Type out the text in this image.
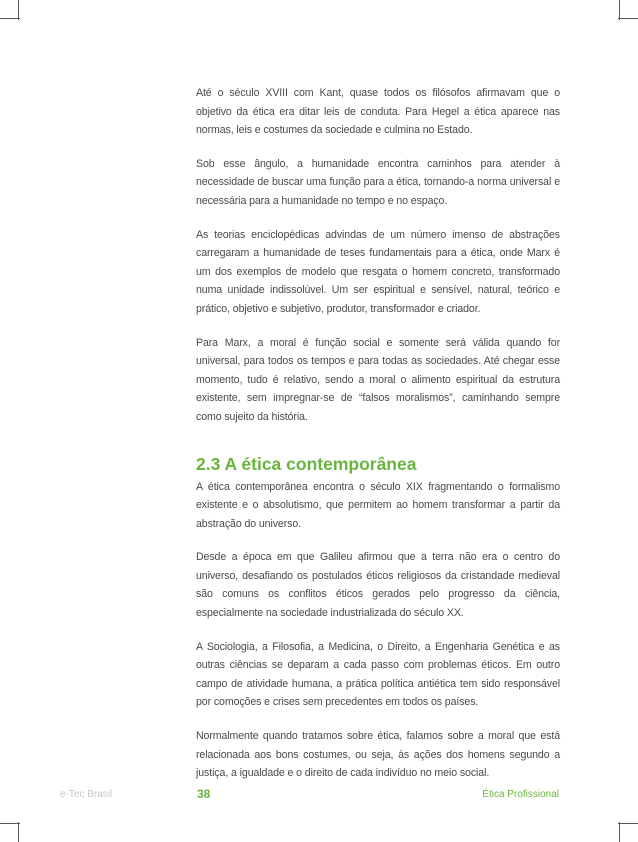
Até o século XVIII com Kant, quase todos os filósofos afirmavam que o objetivo da ética era ditar leis de conduta. Para Hegel a ética aparece nas normas, leis e costumes da sociedade e culmina no Estado.

Sob esse ângulo, a humanidade encontra caminhos para atender à necessidade de buscar uma função para a ética, tornando-a norma universal e necessária para a humanidade no tempo e no espaço.

As teorias enciclopédicas advindas de um número imenso de abstrações carregaram a humanidade de teses fundamentais para a ética, onde Marx é um dos exemplos de modelo que resgata o homem concreto, transformado numa unidade indissolúvel. Um ser espiritual e sensível, natural, teórico e prático, objetivo e subjetivo, produtor, transformador e criador.

Para Marx, a moral é função social e somente será válida quando for universal, para todos os tempos e para todas as sociedades. Até chegar esse momento, tudo é relativo, sendo a moral o alimento espiritual da estrutura existente, sem impregnar-se de “falsos moralismos”, caminhando sempre como sujeito da história.

2.3 A ética contemporânea

A ética contemporânea encontra o século XIX fragmentando o formalismo existente e o absolutismo, que permitem ao homem transformar a partir da abstração do universo.

Desde a época em que Galileu afirmou que a terra não era o centro do universo, desafiando os postulados éticos religiosos da cristandade medieval são comuns os conflitos éticos gerados pelo progresso da ciência, especialmente na sociedade industrializada do século XX.

A Sociologia, a Filosofia, a Medicina, o Direito, a Engenharia Genética e as outras ciências se deparam a cada passo com problemas éticos. Em outro campo de atividade humana, a prática política antiética tem sido responsável por comoções e crises sem precedentes em todos os países.

Normalmente quando tratamos sobre ética, falamos sobre a moral que está relacionada aos bons costumes, ou seja, às ações dos homens segundo a justiça, a igualdade e o direito de cada indivíduo no meio social.

e-Tec Brasil	38	Ética Profissional
